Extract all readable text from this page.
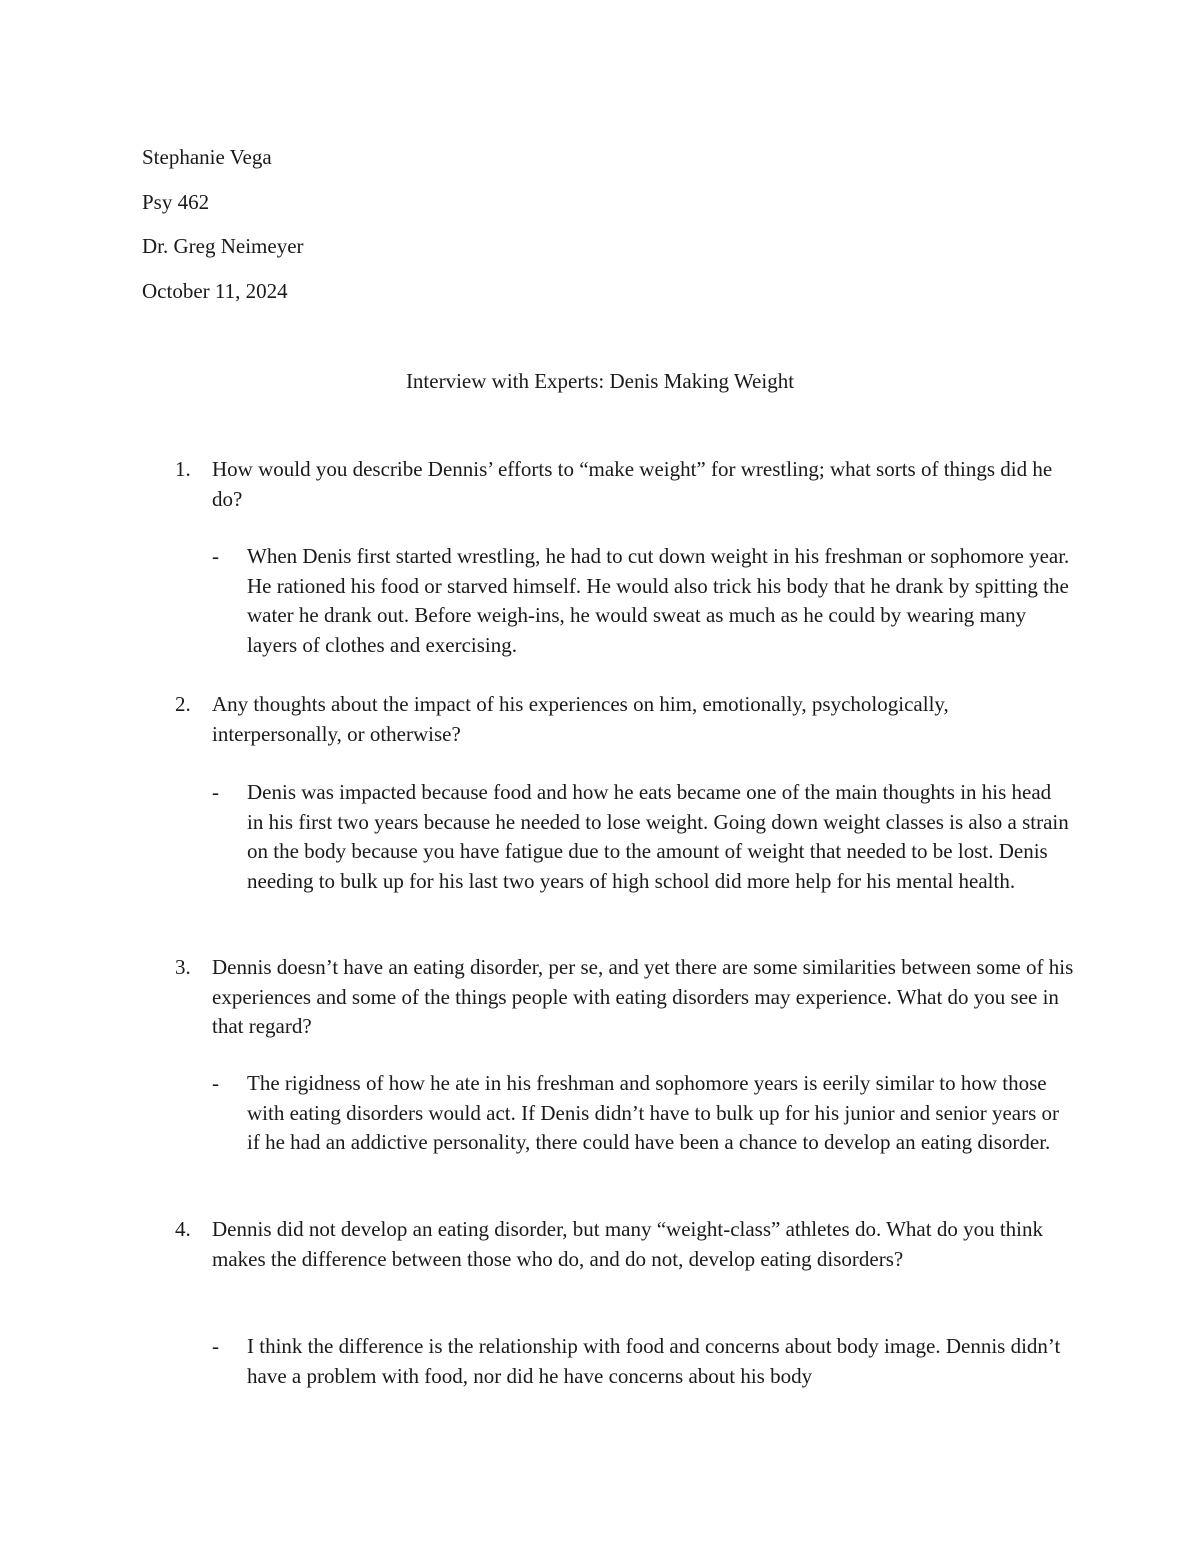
Stephanie Vega
Psy 462
Dr. Greg Neimeyer
October 11, 2024
Interview with Experts: Denis Making Weight
1. How would you describe Dennis’ efforts to “make weight” for wrestling; what sorts of things did he do?
- When Denis first started wrestling, he had to cut down weight in his freshman or sophomore year. He rationed his food or starved himself. He would also trick his body that he drank by spitting the water he drank out. Before weigh-ins, he would sweat as much as he could by wearing many layers of clothes and exercising.
2. Any thoughts about the impact of his experiences on him, emotionally, psychologically, interpersonally, or otherwise?
- Denis was impacted because food and how he eats became one of the main thoughts in his head in his first two years because he needed to lose weight. Going down weight classes is also a strain on the body because you have fatigue due to the amount of weight that needed to be lost. Denis needing to bulk up for his last two years of high school did more help for his mental health.
3. Dennis doesn’t have an eating disorder, per se, and yet there are some similarities between some of his experiences and some of the things people with eating disorders may experience. What do you see in that regard?
- The rigidness of how he ate in his freshman and sophomore years is eerily similar to how those with eating disorders would act. If Denis didn’t have to bulk up for his junior and senior years or if he had an addictive personality, there could have been a chance to develop an eating disorder.
4. Dennis did not develop an eating disorder, but many “weight-class” athletes do. What do you think makes the difference between those who do, and do not, develop eating disorders?
- I think the difference is the relationship with food and concerns about body image. Dennis didn’t have a problem with food, nor did he have concerns about his body
